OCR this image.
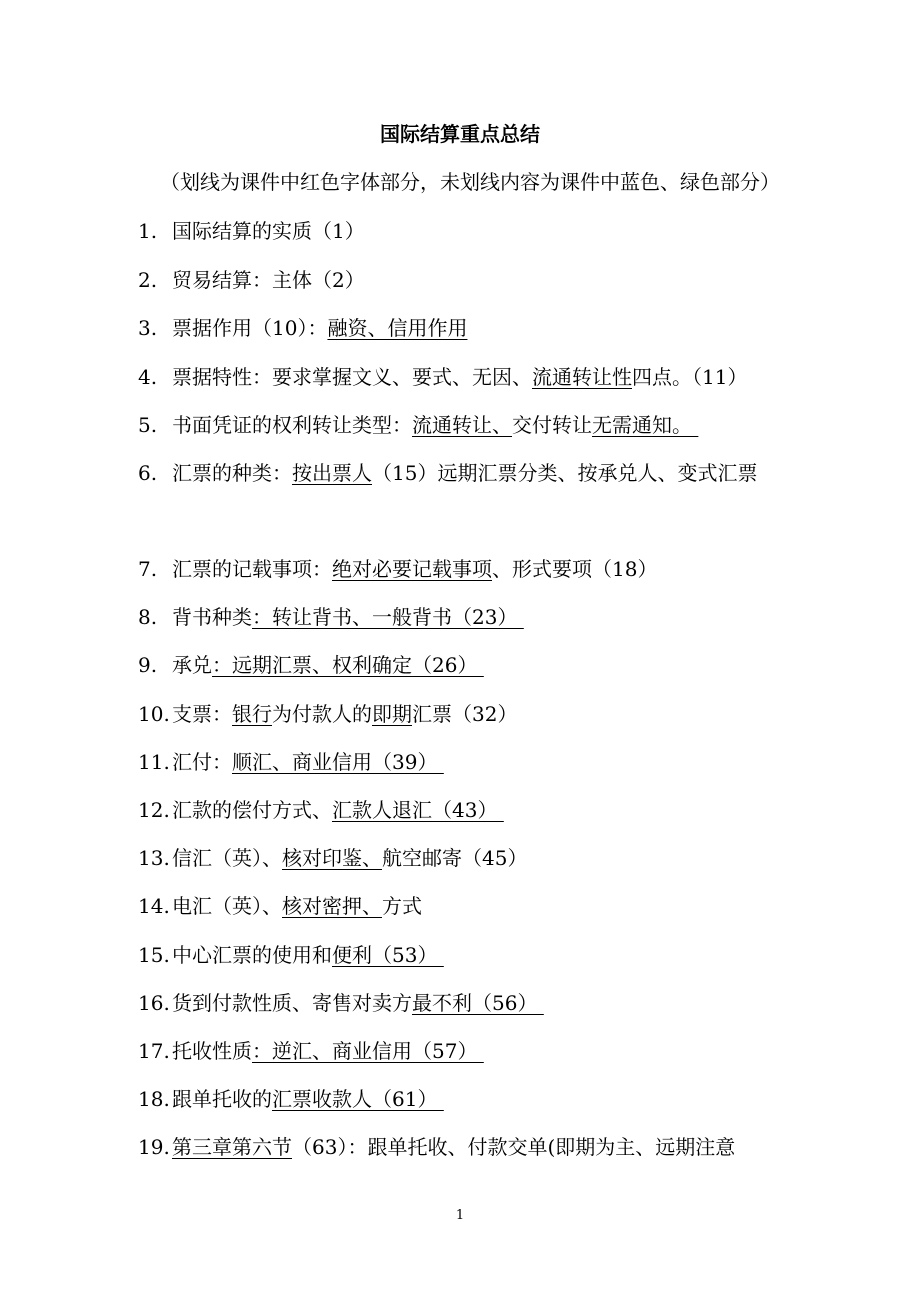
国际结算重点总结

（划线为课件中红色字体部分，未划线内容为课件中蓝色、绿色部分）

1. 国际结算的实质（1）
2. 贸易结算：主体（2）
3. 票据作用（10）：融资、信用作用
4. 票据特性：要求掌握文义、要式、无因、流通转让性四点。（11）
5. 书面凭证的权利转让类型：流通转让、交付转让无需通知。
6. 汇票的种类：按出票人（15）远期汇票分类、按承兑人、变式汇票
7. 汇票的记载事项：绝对必要记载事项、形式要项（18）
8. 背书种类：转让背书、一般背书（23）
9. 承兑：远期汇票、权利确定（26）
10. 支票：银行为付款人的即期汇票（32）
11. 汇付：顺汇、商业信用（39）
12. 汇款的偿付方式、汇款人退汇（43）
13. 信汇（英）、核对印鉴、航空邮寄（45）
14. 电汇（英）、核对密押、方式
15. 中心汇票的使用和便利（53）
16. 货到付款性质、寄售对卖方最不利（56）
17. 托收性质：逆汇、商业信用（57）
18. 跟单托收的汇票收款人（61）
19. 第三章第六节（63）：跟单托收、付款交单(即期为主、远期注意
1
